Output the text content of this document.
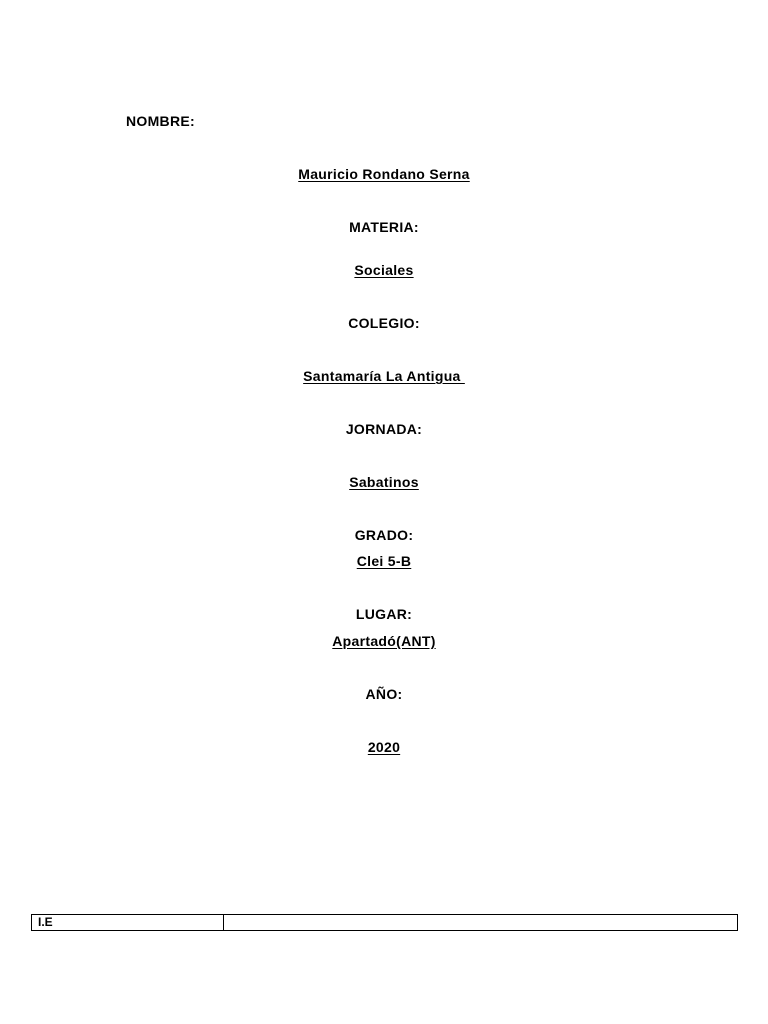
NOMBRE:
Mauricio Rondano Serna
MATERIA:
Sociales
COLEGIO:
Santamaría La Antigua
JORNADA:
Sabatinos
GRADO:
Clei 5-B
LUGAR:
Apartadó(ANT)
AÑO:
2020
I.E	
